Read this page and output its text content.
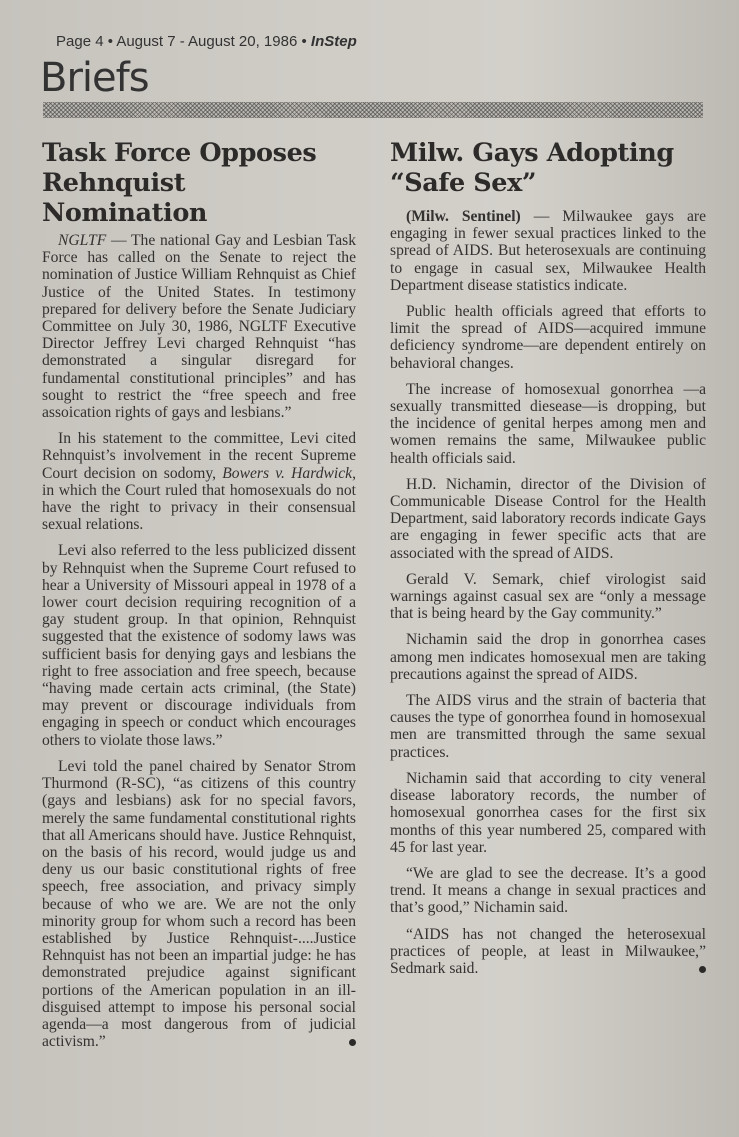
Page 4 • August 7 - August 20, 1986 • InStep
Briefs
Task Force Opposes Rehnquist Nomination

NGLTF — The national Gay and Lesbian Task Force has called on the Senate to reject the nomination of Justice William Rehnquist as Chief Justice of the United States. In testimony prepared for delivery before the Senate Judiciary Committee on July 30, 1986, NGLTF Executive Director Jeffrey Levi charged Rehnquist “has demonstrated a singular disregard for fundamental constitutional principles” and has sought to restrict the “free speech and free assoication rights of gays and lesbians.”

In his statement to the committee, Levi cited Rehnquist’s involvement in the recent Supreme Court decision on sodomy, Bowers v. Hardwick, in which the Court ruled that homosexuals do not have the right to privacy in their consensual sexual relations.

Levi also referred to the less publicized dissent by Rehnquist when the Supreme Court refused to hear a University of Missouri appeal in 1978 of a lower court decision requiring recognition of a gay student group. In that opinion, Rehnquist suggested that the existence of sodomy laws was sufficient basis for denying gays and lesbians the right to free association and free speech, because “having made certain acts criminal, (the State) may prevent or discourage individuals from engaging in speech or conduct which encourages others to violate those laws.”

Levi told the panel chaired by Senator Strom Thurmond (R-SC), “as citizens of this country (gays and lesbians) ask for no special favors, merely the same fundamental constitutional rights that all Americans should have. Justice Rehnquist, on the basis of his record, would judge us and deny us our basic constitutional rights of free speech, free association, and privacy simply because of who we are. We are not the only minority group for whom such a record has been established by Justice Rehnquist-....Justice Rehnquist has not been an impartial judge: he has demonstrated prejudice against significant portions of the American population in an ill-disguised attempt to impose his personal social agenda—a most dangerous from of judicial activism.”

Milw. Gays Adopting “Safe Sex”

(Milw. Sentinel) — Milwaukee gays are engaging in fewer sexual practices linked to the spread of AIDS. But heterosexuals are continuing to engage in casual sex, Milwaukee Health Department disease statistics indicate.

Public health officials agreed that efforts to limit the spread of AIDS—acquired immune deficiency syndrome—are dependent entirely on behavioral changes.

The increase of homosexual gonorrhea —a sexually transmitted diesease—is dropping, but the incidence of genital herpes among men and women remains the same, Milwaukee public health officials said.

H.D. Nichamin, director of the Division of Communicable Disease Control for the Health Department, said laboratory records indicate Gays are engaging in fewer specific acts that are associated with the spread of AIDS.

Gerald V. Semark, chief virologist said warnings against casual sex are “only a message that is being heard by the Gay community.”

Nichamin said the drop in gonorrhea cases among men indicates homosexual men are taking precautions against the spread of AIDS.

The AIDS virus and the strain of bacteria that causes the type of gonorrhea found in homosexual men are transmitted through the same sexual practices.

Nichamin said that according to city veneral disease laboratory records, the number of homosexual gonorrhea cases for the first six months of this year numbered 25, compared with 45 for last year.

“We are glad to see the decrease. It’s a good trend. It means a change in sexual practices and that’s good,” Nichamin said.

“AIDS has not changed the heterosexual practices of people, at least in Milwaukee,” Sedmark said.
